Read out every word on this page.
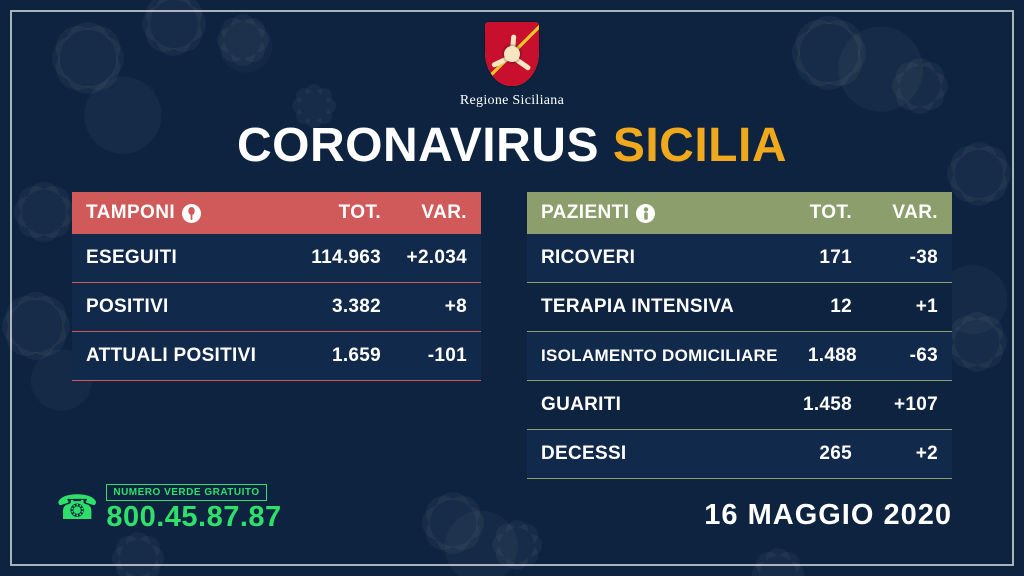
Regione Siciliana
CORONAVIRUS SICILIA
TAMPONI	TOT.	VAR.
ESEGUITI	114.963	+2.034
POSITIVI	3.382	+8
ATTUALI POSITIVI	1.659	-101
PAZIENTI	TOT.	VAR.
RICOVERI	171	-38
TERAPIA INTENSIVA	12	+1
ISOLAMENTO DOMICILIARE	1.488	-63
GUARITI	1.458	+107
DECESSI	265	+2
☎	NUMERO VERDE GRATUITO
800.45.87.87	16 MAGGIO 2020
